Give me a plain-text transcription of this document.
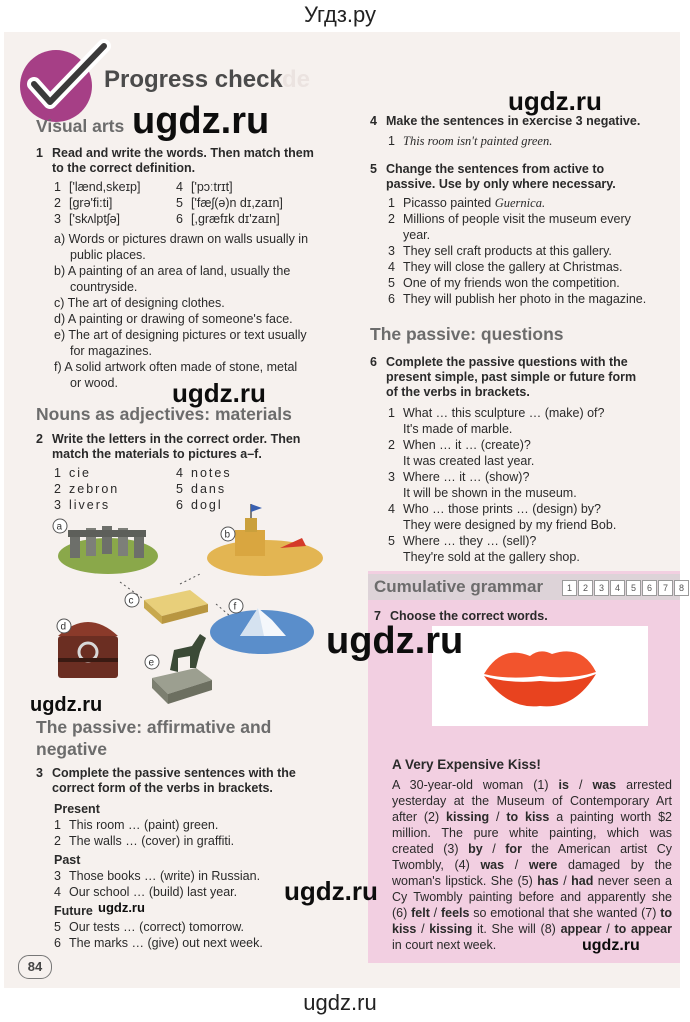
Угдз.ру
Progress check de
Visual arts
1 Read and write the words. Then match them
to the correct definition.
1 ['lænd,skeɪp]
2 [grə'fi:ti]
3 ['skʌlptʃə]
4 ['pɔːtrɪt]
5 ['fæʃ(ə)n dɪ,zaɪn]
6 [,græfɪk dɪ'zaɪn]
a) Words or pictures drawn on walls usually in
public places.
b) A painting of an area of land, usually the
countryside.
c) The art of designing clothes.
d) A painting or drawing of someone's face.
e) The art of designing pictures or text usually
for magazines.
f) A solid artwork often made of stone, metal
or wood.
Nouns as adjectives: materials
2 Write the letters in the correct order. Then
match the materials to pictures a–f.
1 cie
2 zebron
3 livers
4 notes
5 dans
6 dogl
a
b
c
d
e
f
The passive: affirmative and negative
3 Complete the passive sentences with the
correct form of the verbs in brackets.
Present
1 This room … (paint) green.
2 The walls … (cover) in graffiti.
Past
3 Those books … (write) in Russian.
4 Our school … (build) last year.
Future
5 Our tests … (correct) tomorrow.
6 The marks … (give) out next week.
84
4 Make the sentences in exercise 3 negative.
1 This room isn't painted green.
5 Change the sentences from active to
passive. Use by only where necessary.
1 Picasso painted Guernica.
2 Millions of people visit the museum every
year.
3 They sell craft products at this gallery.
4 They will close the gallery at Christmas.
5 One of my friends won the competition.
6 They will publish her photo in the magazine.
The passive: questions
6 Complete the passive questions with the
present simple, past simple or future form
of the verbs in brackets.
1 What … this sculpture … (make) of?
It's made of marble.
2 When … it … (create)?
It was created last year.
3 Where … it … (show)?
It will be shown in the museum.
4 Who … those prints … (design) by?
They were designed by my friend Bob.
5 Where … they … (sell)?
They're sold at the gallery shop.
Cumulative grammar	1	2	3	4	5	6	7	8
7 Choose the correct words.
A Very Expensive Kiss!
A 30-year-old woman (1) is / was arrested yesterday at the Museum of Contemporary Art after (2) kissing / to kiss a painting worth $2 million. The pure white painting, which was created (3) by / for the American artist Cy Twombly, (4) was / were damaged by the woman's lipstick. She (5) has / had never seen a Cy Twombly painting before and apparently she (6) felt / feels so emotional that she wanted (7) to kiss / kissing it. She will (8) appear / to appear in court next week.
ugdz.ru	ugdz.ru
ugdz.ru
ugdz.ru
ugdz.ru
ugdz.ru
ugdz.ru
ugdz.ru
ugdz.ru
